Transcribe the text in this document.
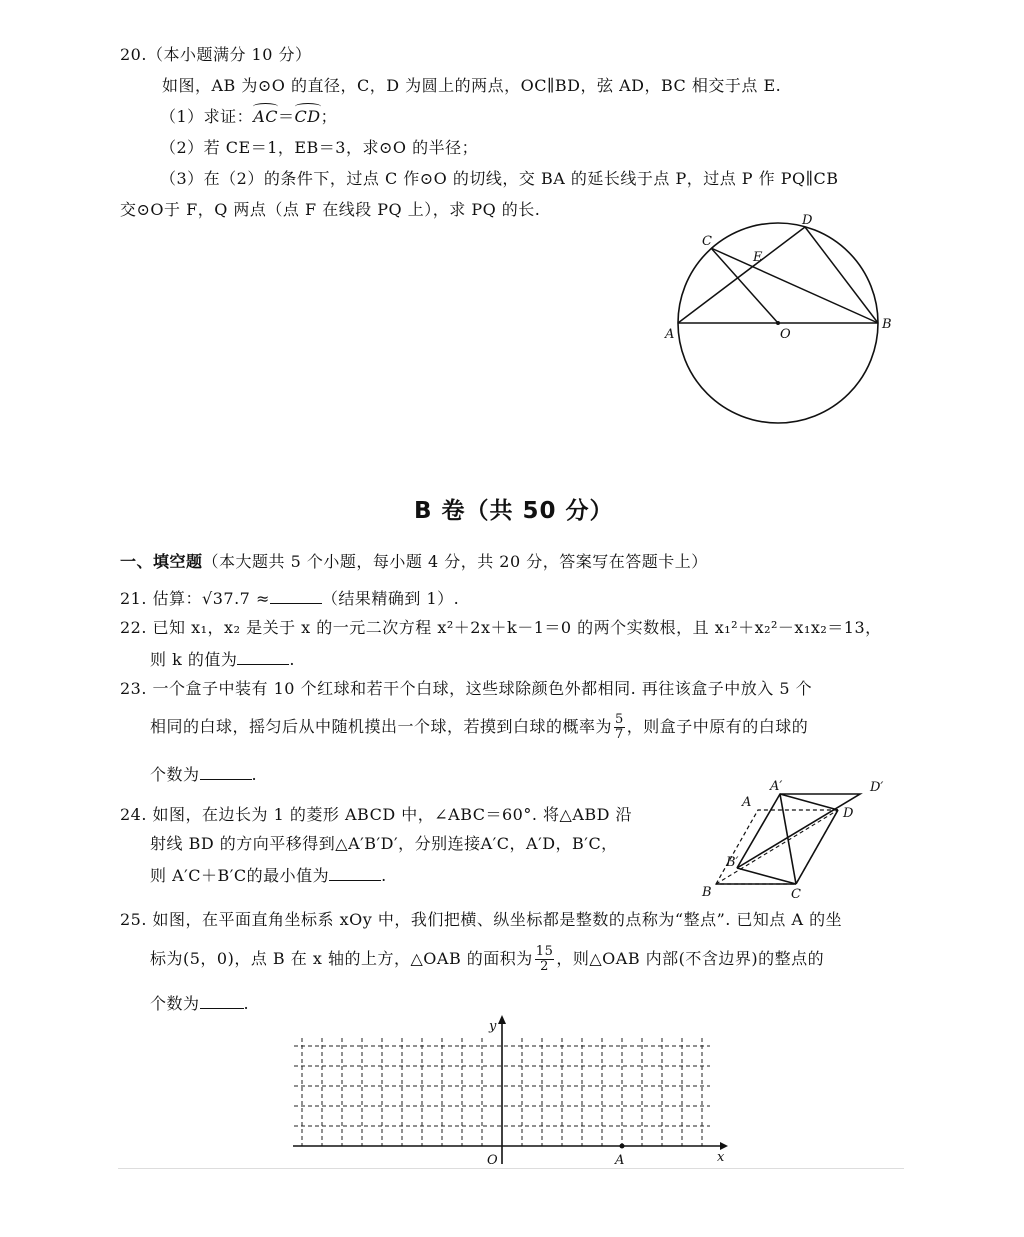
20.（本小题满分 10 分）
如图，AB 为⊙O 的直径，C，D 为圆上的两点，OC∥BD，弦 AD，BC 相交于点 E.
（1）求证：AC＝CD；
（2）若 CE＝1，EB＝3，求⊙O 的半径；
（3）在（2）的条件下，过点 C 作⊙O 的切线，交 BA 的延长线于点 P，过点 P 作 PQ∥CB
交⊙O于 F，Q 两点（点 F 在线段 PQ 上），求 PQ 的长.
A
B
C
D
E
O
B 卷（共 50 分）
一、填空题（本大题共 5 个小题，每小题 4 分，共 20 分，答案写在答题卡上）
21. 估算：√37.7 ≈	（结果精确到 1）.
22. 已知 x₁，x₂ 是关于 x 的一元二次方程 x²＋2x＋k－1＝0 的两个实数根，且 x₁²＋x₂²－x₁x₂＝13，
则 k 的值为	.
23. 一个盒子中装有 10 个红球和若干个白球，这些球除颜色外都相同. 再往该盒子中放入 5 个
相同的白球，摇匀后从中随机摸出一个球，若摸到白球的概率为 $\frac{5}{7}$ ，则盒子中原有的白球的
个数为	.
24. 如图，在边长为 1 的菱形 ABCD 中，∠ABC＝60°. 将△ABD 沿
射线 BD 的方向平移得到△A′B′D′，分别连接A′C，A′D，B′C，
则 A′C＋B′C的最小值为	.
A
A′
B
B′
C
D
D′
25. 如图，在平面直角坐标系 xOy 中，我们把横、纵坐标都是整数的点称为“整点”. 已知点 A 的坐
标为(5，0)，点 B 在 x 轴的上方，△OAB 的面积为 $\frac{15}{2}$ ，则△OAB 内部(不含边界)的整点的
个数为	.
x
y
O	A
